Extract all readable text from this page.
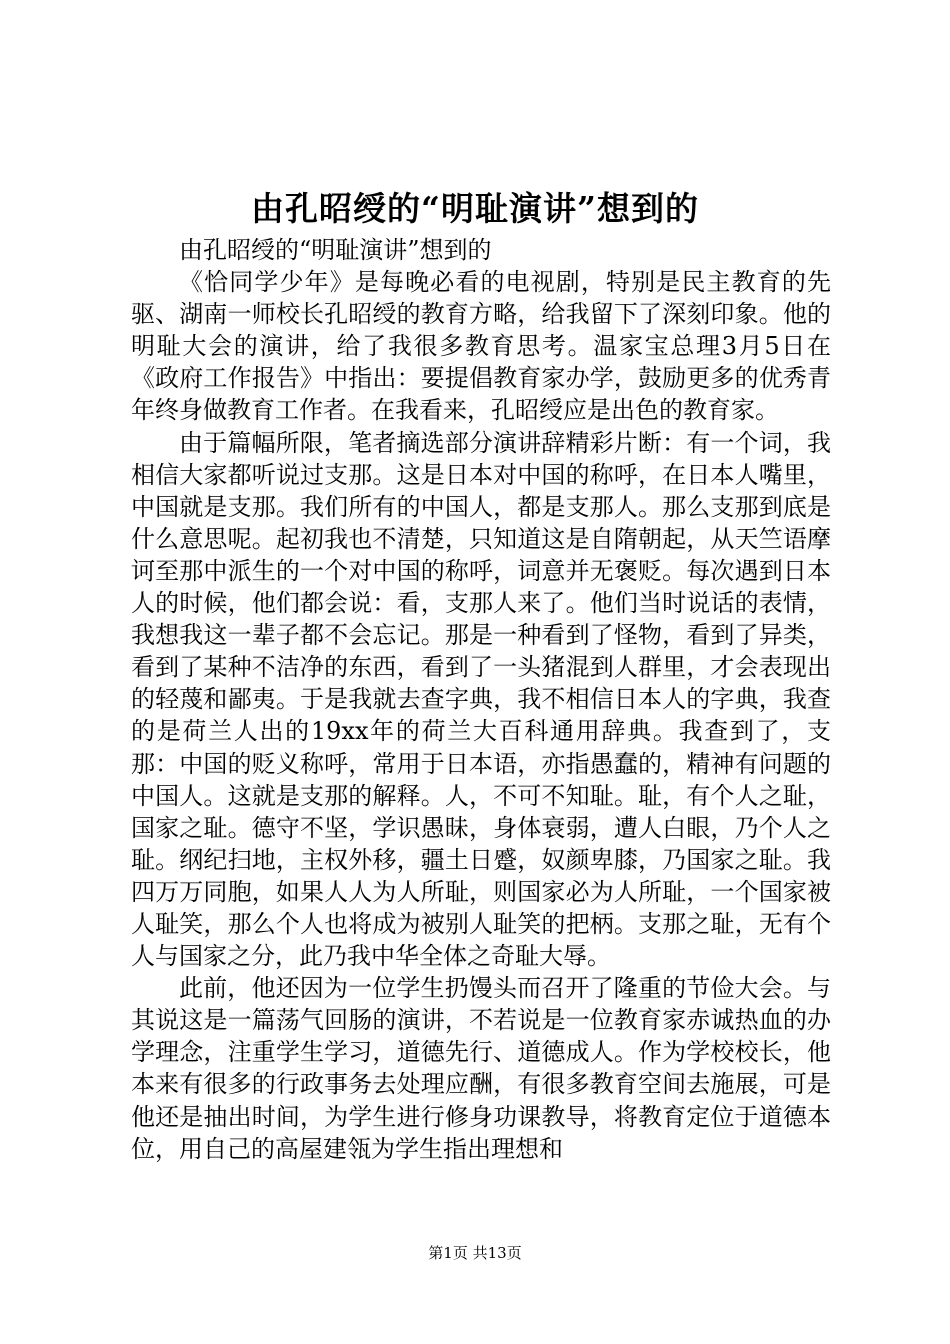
由孔昭绶的“明耻演讲”想到的

由孔昭绶的“明耻演讲”想到的

《恰同学少年》是每晚必看的电视剧，特别是民主教育的先驱、湖南一师校长孔昭绶的教育方略，给我留下了深刻印象。他的明耻大会的演讲，给了我很多教育思考。温家宝总理3月5日在《政府工作报告》中指出：要提倡教育家办学，鼓励更多的优秀青年终身做教育工作者。在我看来，孔昭绶应是出色的教育家。

由于篇幅所限，笔者摘选部分演讲辞精彩片断：有一个词，我相信大家都听说过支那。这是日本对中国的称呼，在日本人嘴里，中国就是支那。我们所有的中国人，都是支那人。那么支那到底是什么意思呢。起初我也不清楚，只知道这是自隋朝起，从天竺语摩诃至那中派生的一个对中国的称呼，词意并无褒贬。每次遇到日本人的时候，他们都会说：看，支那人来了。他们当时说话的表情，我想我这一辈子都不会忘记。那是一种看到了怪物，看到了异类，看到了某种不洁净的东西，看到了一头猪混到人群里，才会表现出的轻蔑和鄙夷。于是我就去查字典，我不相信日本人的字典，我查的是荷兰人出的19xx年的荷兰大百科通用辞典。我查到了，支那：中国的贬义称呼，常用于日本语，亦指愚蠢的，精神有问题的中国人。这就是支那的解释。人，不可不知耻。耻，有个人之耻，国家之耻。德守不坚，学识愚昧，身体衰弱，遭人白眼，乃个人之耻。纲纪扫地，主权外移，疆土日蹙，奴颜卑膝，乃国家之耻。我四万万同胞，如果人人为人所耻，则国家必为人所耻，一个国家被人耻笑，那么个人也将成为被别人耻笑的把柄。支那之耻，无有个人与国家之分，此乃我中华全体之奇耻大辱。

此前，他还因为一位学生扔馒头而召开了隆重的节俭大会。与其说这是一篇荡气回肠的演讲，不若说是一位教育家赤诚热血的办学理念，注重学生学习，道德先行、道德成人。作为学校校长，他本来有很多的行政事务去处理应酬，有很多教育空间去施展，可是他还是抽出时间，为学生进行修身功课教导，将教育定位于道德本位，用自己的高屋建瓴为学生指出理想和

第1页 共13页
